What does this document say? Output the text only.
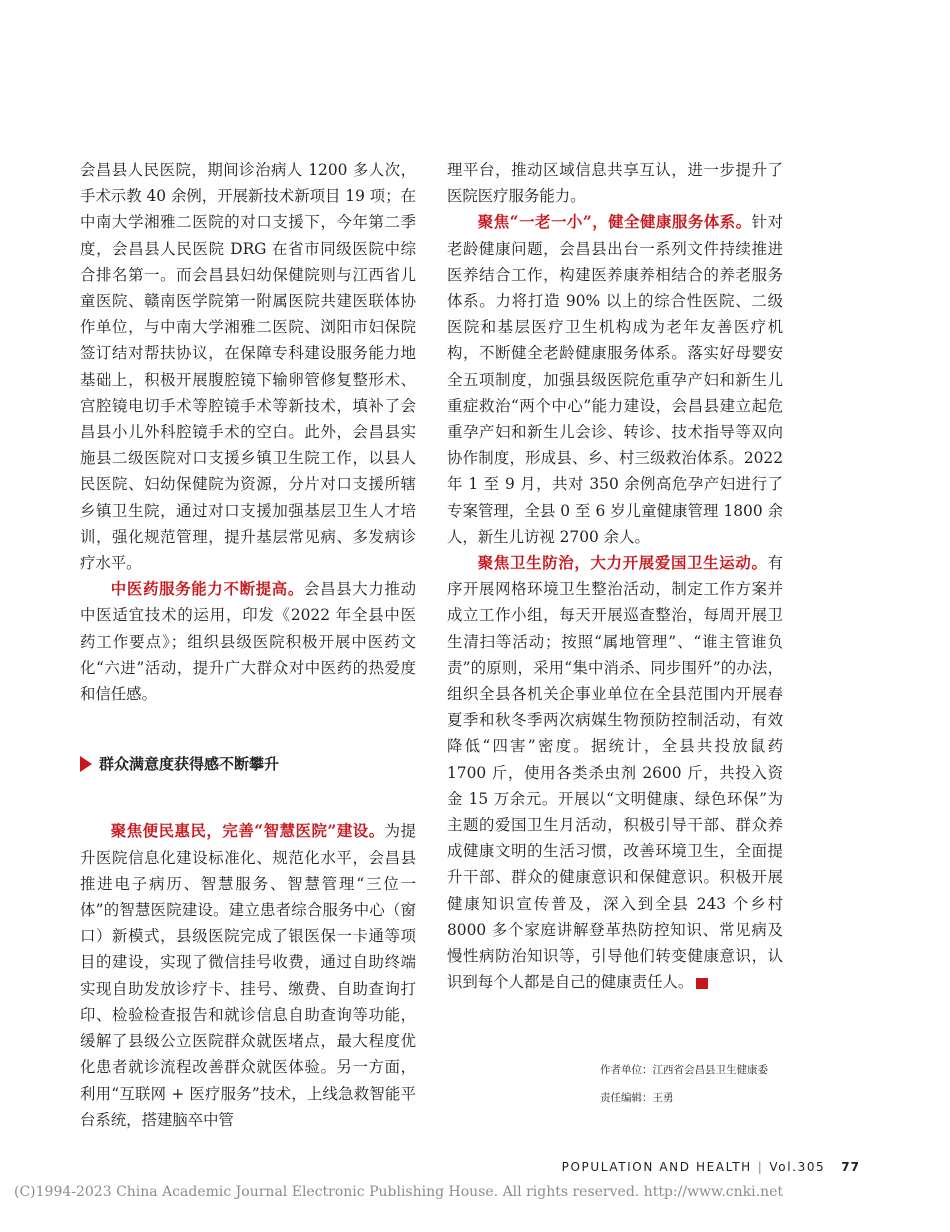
会昌县人民医院，期间诊治病人 1200 多人次，手术示教 40 余例，开展新技术新项目 19 项；在中南大学湘雅二医院的对口支援下，今年第二季度，会昌县人民医院 DRG 在省市同级医院中综合排名第一。而会昌县妇幼保健院则与江西省儿童医院、赣南医学院第一附属医院共建医联体协作单位，与中南大学湘雅二医院、浏阳市妇保院签订结对帮扶协议，在保障专科建设服务能力地基础上，积极开展腹腔镜下输卵管修复整形术、宫腔镜电切手术等腔镜手术等新技术，填补了会昌县小儿外科腔镜手术的空白。此外，会昌县实施县二级医院对口支援乡镇卫生院工作，以县人民医院、妇幼保健院为资源，分片对口支援所辖乡镇卫生院，通过对口支援加强基层卫生人才培训，强化规范管理，提升基层常见病、多发病诊疗水平。

中医药服务能力不断提高。会昌县大力推动中医适宜技术的运用，印发《2022 年全县中医药工作要点》；组织县级医院积极开展中医药文化“六进”活动，提升广大群众对中医药的热爱度和信任感。

群众满意度获得感不断攀升

聚焦便民惠民，完善“智慧医院”建设。为提升医院信息化建设标准化、规范化水平，会昌县推进电子病历、智慧服务、智慧管理“三位一体”的智慧医院建设。建立患者综合服务中心（窗口）新模式，县级医院完成了银医保一卡通等项目的建设，实现了微信挂号收费，通过自助终端实现自助发放诊疗卡、挂号、缴费、自助查询打印、检验检查报告和就诊信息自助查询等功能，缓解了县级公立医院群众就医堵点，最大程度优化患者就诊流程改善群众就医体验。另一方面，利用“互联网 + 医疗服务”技术，上线急救智能平台系统，搭建脑卒中管

理平台，推动区域信息共享互认，进一步提升了医院医疗服务能力。

聚焦“一老一小”，健全健康服务体系。针对老龄健康问题，会昌县出台一系列文件持续推进医养结合工作，构建医养康养相结合的养老服务体系。力将打造 90% 以上的综合性医院、二级医院和基层医疗卫生机构成为老年友善医疗机构，不断健全老龄健康服务体系。落实好母婴安全五项制度，加强县级医院危重孕产妇和新生儿重症救治“两个中心”能力建设，会昌县建立起危重孕产妇和新生儿会诊、转诊、技术指导等双向协作制度，形成县、乡、村三级救治体系。2022 年 1 至 9 月，共对 350 余例高危孕产妇进行了专案管理，全县 0 至 6 岁儿童健康管理 1800 余人，新生儿访视 2700 余人。

聚焦卫生防治，大力开展爱国卫生运动。有序开展网格环境卫生整治活动，制定工作方案并成立工作小组，每天开展巡查整治，每周开展卫生清扫等活动；按照“属地管理”、“谁主管谁负责”的原则，采用“集中消杀、同步围歼”的办法，组织全县各机关企事业单位在全县范围内开展春夏季和秋冬季两次病媒生物预防控制活动，有效降低“四害”密度。据统计，全县共投放鼠药 1700 斤，使用各类杀虫剂 2600 斤，共投入资金 15 万余元。开展以“文明健康、绿色环保”为主题的爱国卫生月活动，积极引导干部、群众养成健康文明的生活习惯，改善环境卫生，全面提升干部、群众的健康意识和保健意识。积极开展健康知识宣传普及，深入到全县 243 个乡村 8000 多个家庭讲解登革热防控知识、常见病及慢性病防治知识等，引导他们转变健康意识，认识到每个人都是自己的健康责任人。	P

作者单位：江西省会昌县卫生健康委
责任编辑：王勇
POPULATION AND HEALTH | Vol.305 77
(C)1994-2023 China Academic Journal Electronic Publishing House. All rights reserved. http://www.cnki.net
